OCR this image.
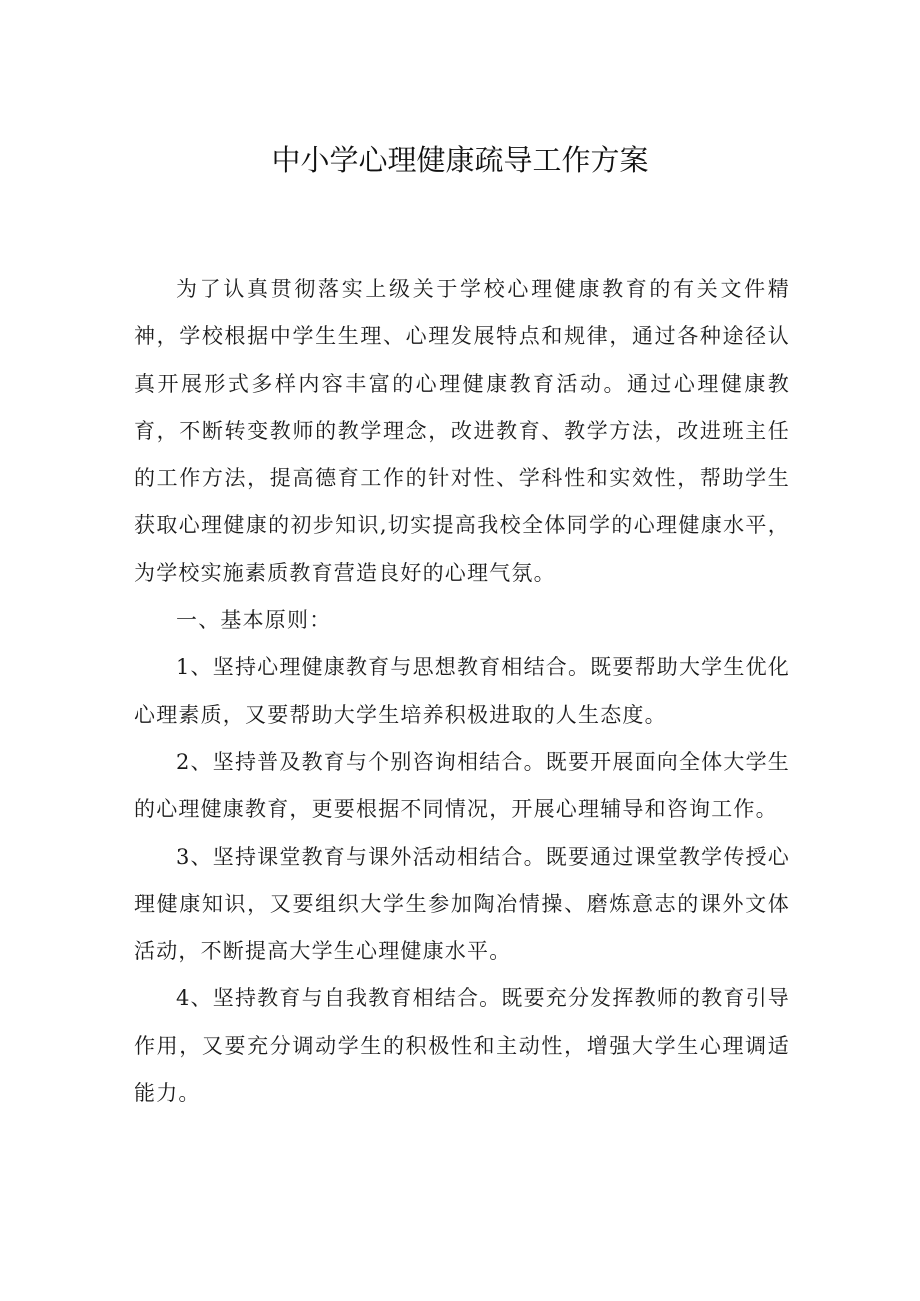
中小学心理健康疏导工作方案

为了认真贯彻落实上级关于学校心理健康教育的有关文件精神，学校根据中学生生理、心理发展特点和规律，通过各种途径认真开展形式多样内容丰富的心理健康教育活动。通过心理健康教育，不断转变教师的教学理念，改进教育、教学方法，改进班主任的工作方法，提高德育工作的针对性、学科性和实效性，帮助学生获取心理健康的初步知识,切实提高我校全体同学的心理健康水平，为学校实施素质教育营造良好的心理气氛。

一、基本原则：

1、坚持心理健康教育与思想教育相结合。既要帮助大学生优化心理素质，又要帮助大学生培养积极进取的人生态度。

2、坚持普及教育与个别咨询相结合。既要开展面向全体大学生的心理健康教育，更要根据不同情况，开展心理辅导和咨询工作。

3、坚持课堂教育与课外活动相结合。既要通过课堂教学传授心理健康知识，又要组织大学生参加陶冶情操、磨炼意志的课外文体活动，不断提高大学生心理健康水平。

4、坚持教育与自我教育相结合。既要充分发挥教师的教育引导作用，又要充分调动学生的积极性和主动性，增强大学生心理调适能力。
